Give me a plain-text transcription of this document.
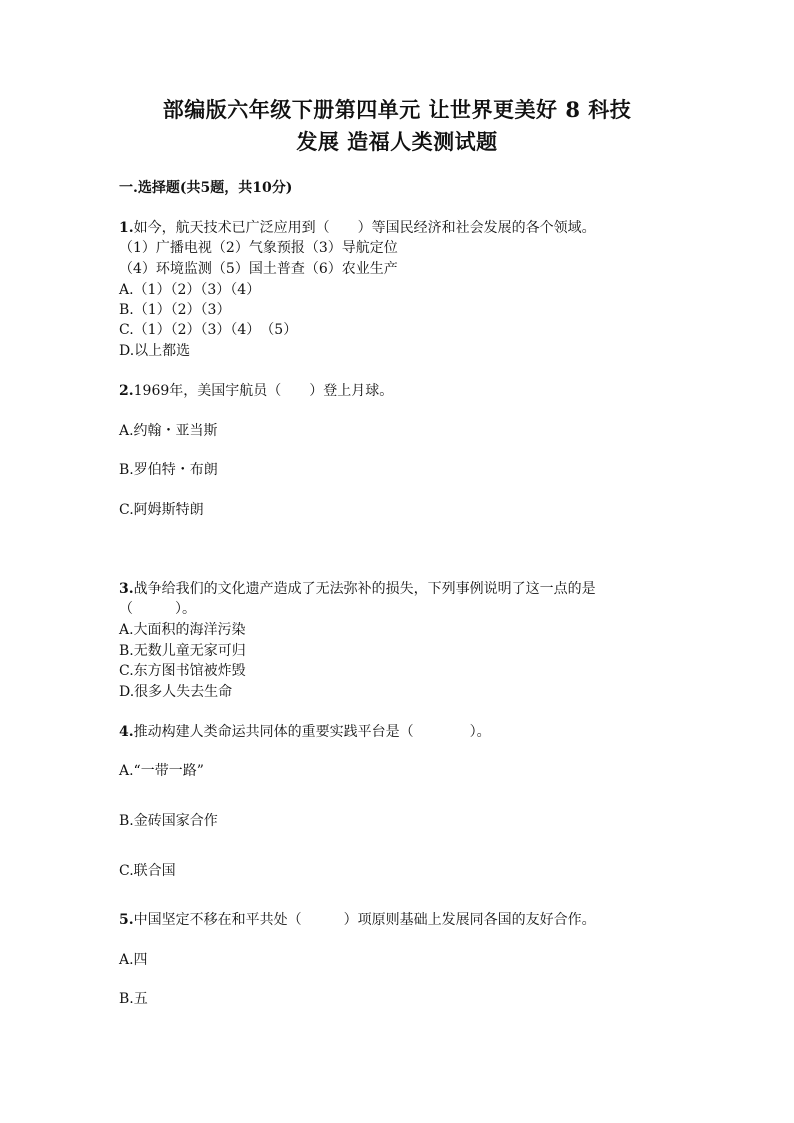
部编版六年级下册第四单元 让世界更美好 8 科技
发展 造福人类测试题
一.选择题(共5题，共10分)
1.如今，航天技术已广泛应用到（　　）等国民经济和社会发展的各个领域。
（1）广播电视（2）气象预报（3）导航定位
（4）环境监测（5）国土普查（6）农业生产
A.（1）（2）（3）（4）
B.（1）（2）（3）
C.（1）（2）（3）（4）　（5）
D.以上都选
2.1969年，美国宇航员（　　）登上月球。
A.约翰・亚当斯
B.罗伯特・布朗
C.阿姆斯特朗
3.战争给我们的文化遗产造成了无法弥补的损失，下列事例说明了这一点的是
（　　　）。
A.大面积的海洋污染
B.无数儿童无家可归
C.东方图书馆被炸毁
D.很多人失去生命
4.推动构建人类命运共同体的重要实践平台是（　　　　）。
A.“一带一路”
B.金砖国家合作
C.联合国
5.中国坚定不移在和平共处（　　　）项原则基础上发展同各国的友好合作。
A.四
B.五
